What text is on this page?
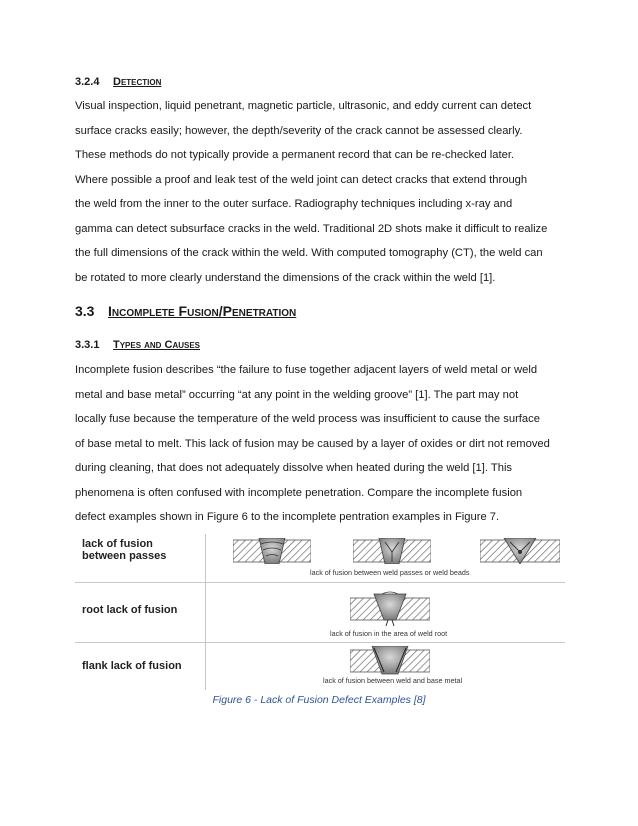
3.2.4 Detection
Visual inspection, liquid penetrant, magnetic particle, ultrasonic, and eddy current can detect
surface cracks easily; however, the depth/severity of the crack cannot be assessed clearly.
These methods do not typically provide a permanent record that can be re-checked later.
Where possible a proof and leak test of the weld joint can detect cracks that extend through
the weld from the inner to the outer surface. Radiography techniques including x-ray and
gamma can detect subsurface cracks in the weld. Traditional 2D shots make it difficult to realize
the full dimensions of the crack within the weld. With computed tomography (CT), the weld can
be rotated to more clearly understand the dimensions of the crack within the weld [1].
3.3 Incomplete Fusion/Penetration
3.3.1 Types and Causes
Incomplete fusion describes “the failure to fuse together adjacent layers of weld metal or weld
metal and base metal” occurring “at any point in the welding groove” [1]. The part may not
locally fuse because the temperature of the weld process was insufficient to cause the surface
of base metal to melt. This lack of fusion may be caused by a layer of oxides or dirt not removed
during cleaning, that does not adequately dissolve when heated during the weld [1]. This
phenomena is often confused with incomplete penetration. Compare the incomplete fusion
defect examples shown in Figure 6 to the incomplete pentration examples in Figure 7.
lack of fusion
between passes
lack of fusion between weld passes or weld beads
root lack of fusion
lack of fusion in the area of weld root
flank lack of fusion
lack of fusion between weld and base metal
Figure 6 - Lack of Fusion Defect Examples [8]
